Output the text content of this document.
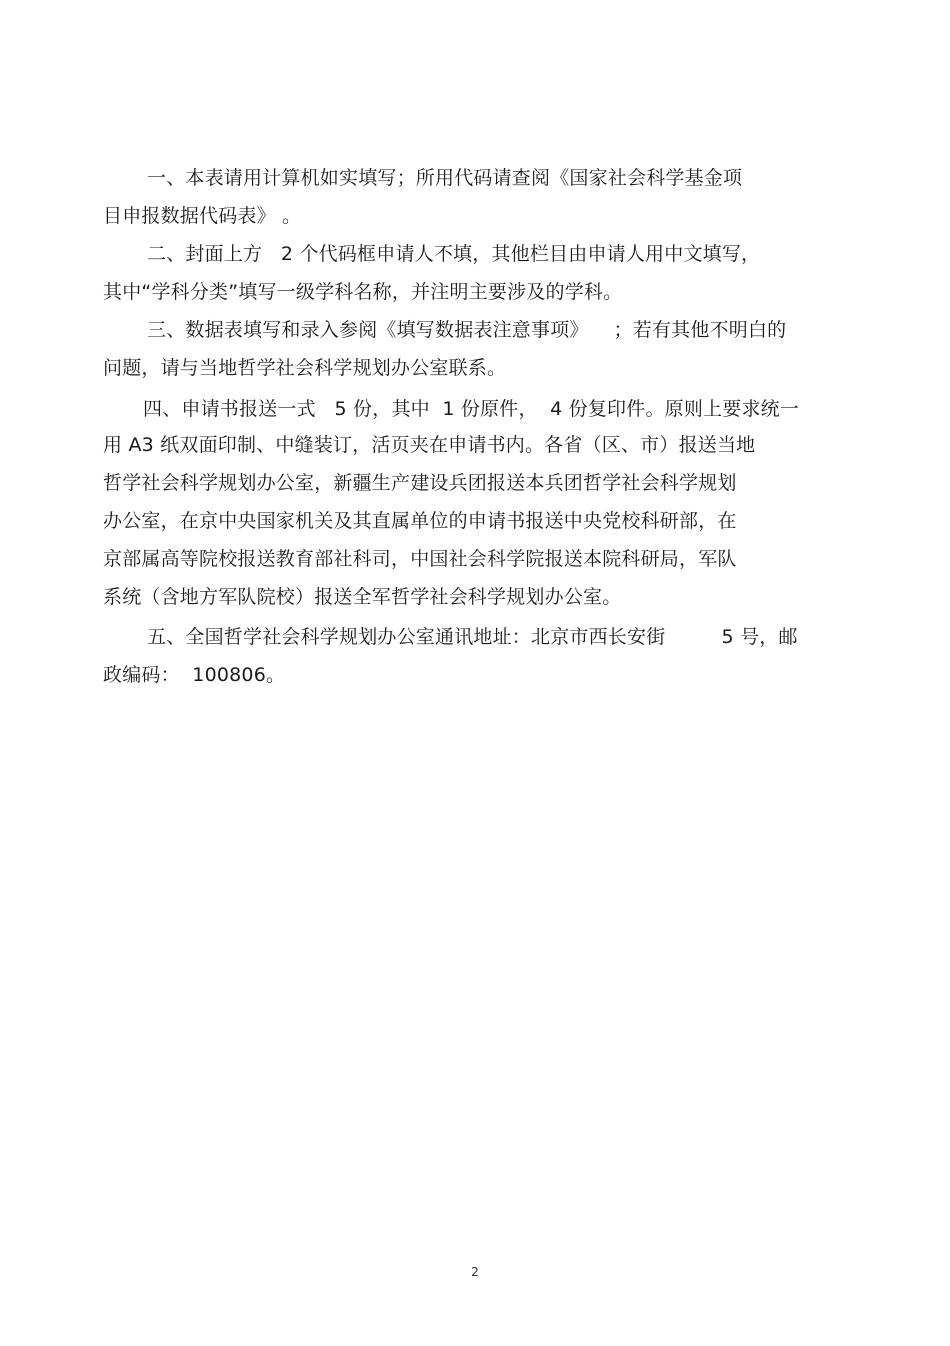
一、本表请用计算机如实填写；所用代码请查阅《国家社会科学基金项
目申报数据代码表》 。
二、封面上方   2 个代码框申请人不填，其他栏目由申请人用中文填写，
其中“学科分类”填写一级学科名称，并注明主要涉及的学科。
三、数据表填写和录入参阅《填写数据表注意事项》    ；若有其他不明白的
问题，请与当地哲学社会科学规划办公室联系。
四、申请书报送一式   5 份，其中  1 份原件，  4 份复印件。原则上要求统一
用 A3 纸双面印制、中缝装订，活页夹在申请书内。各省（区、市）报送当地
哲学社会科学规划办公室，新疆生产建设兵团报送本兵团哲学社会科学规划
办公室，在京中央国家机关及其直属单位的申请书报送中央党校科研部，在
京部属高等院校报送教育部社科司，中国社会科学院报送本院科研局，军队
系统（含地方军队院校）报送全军哲学社会科学规划办公室。
五、全国哲学社会科学规划办公室通讯地址：北京市西长安街         5 号，邮
政编码：  100806。
2
